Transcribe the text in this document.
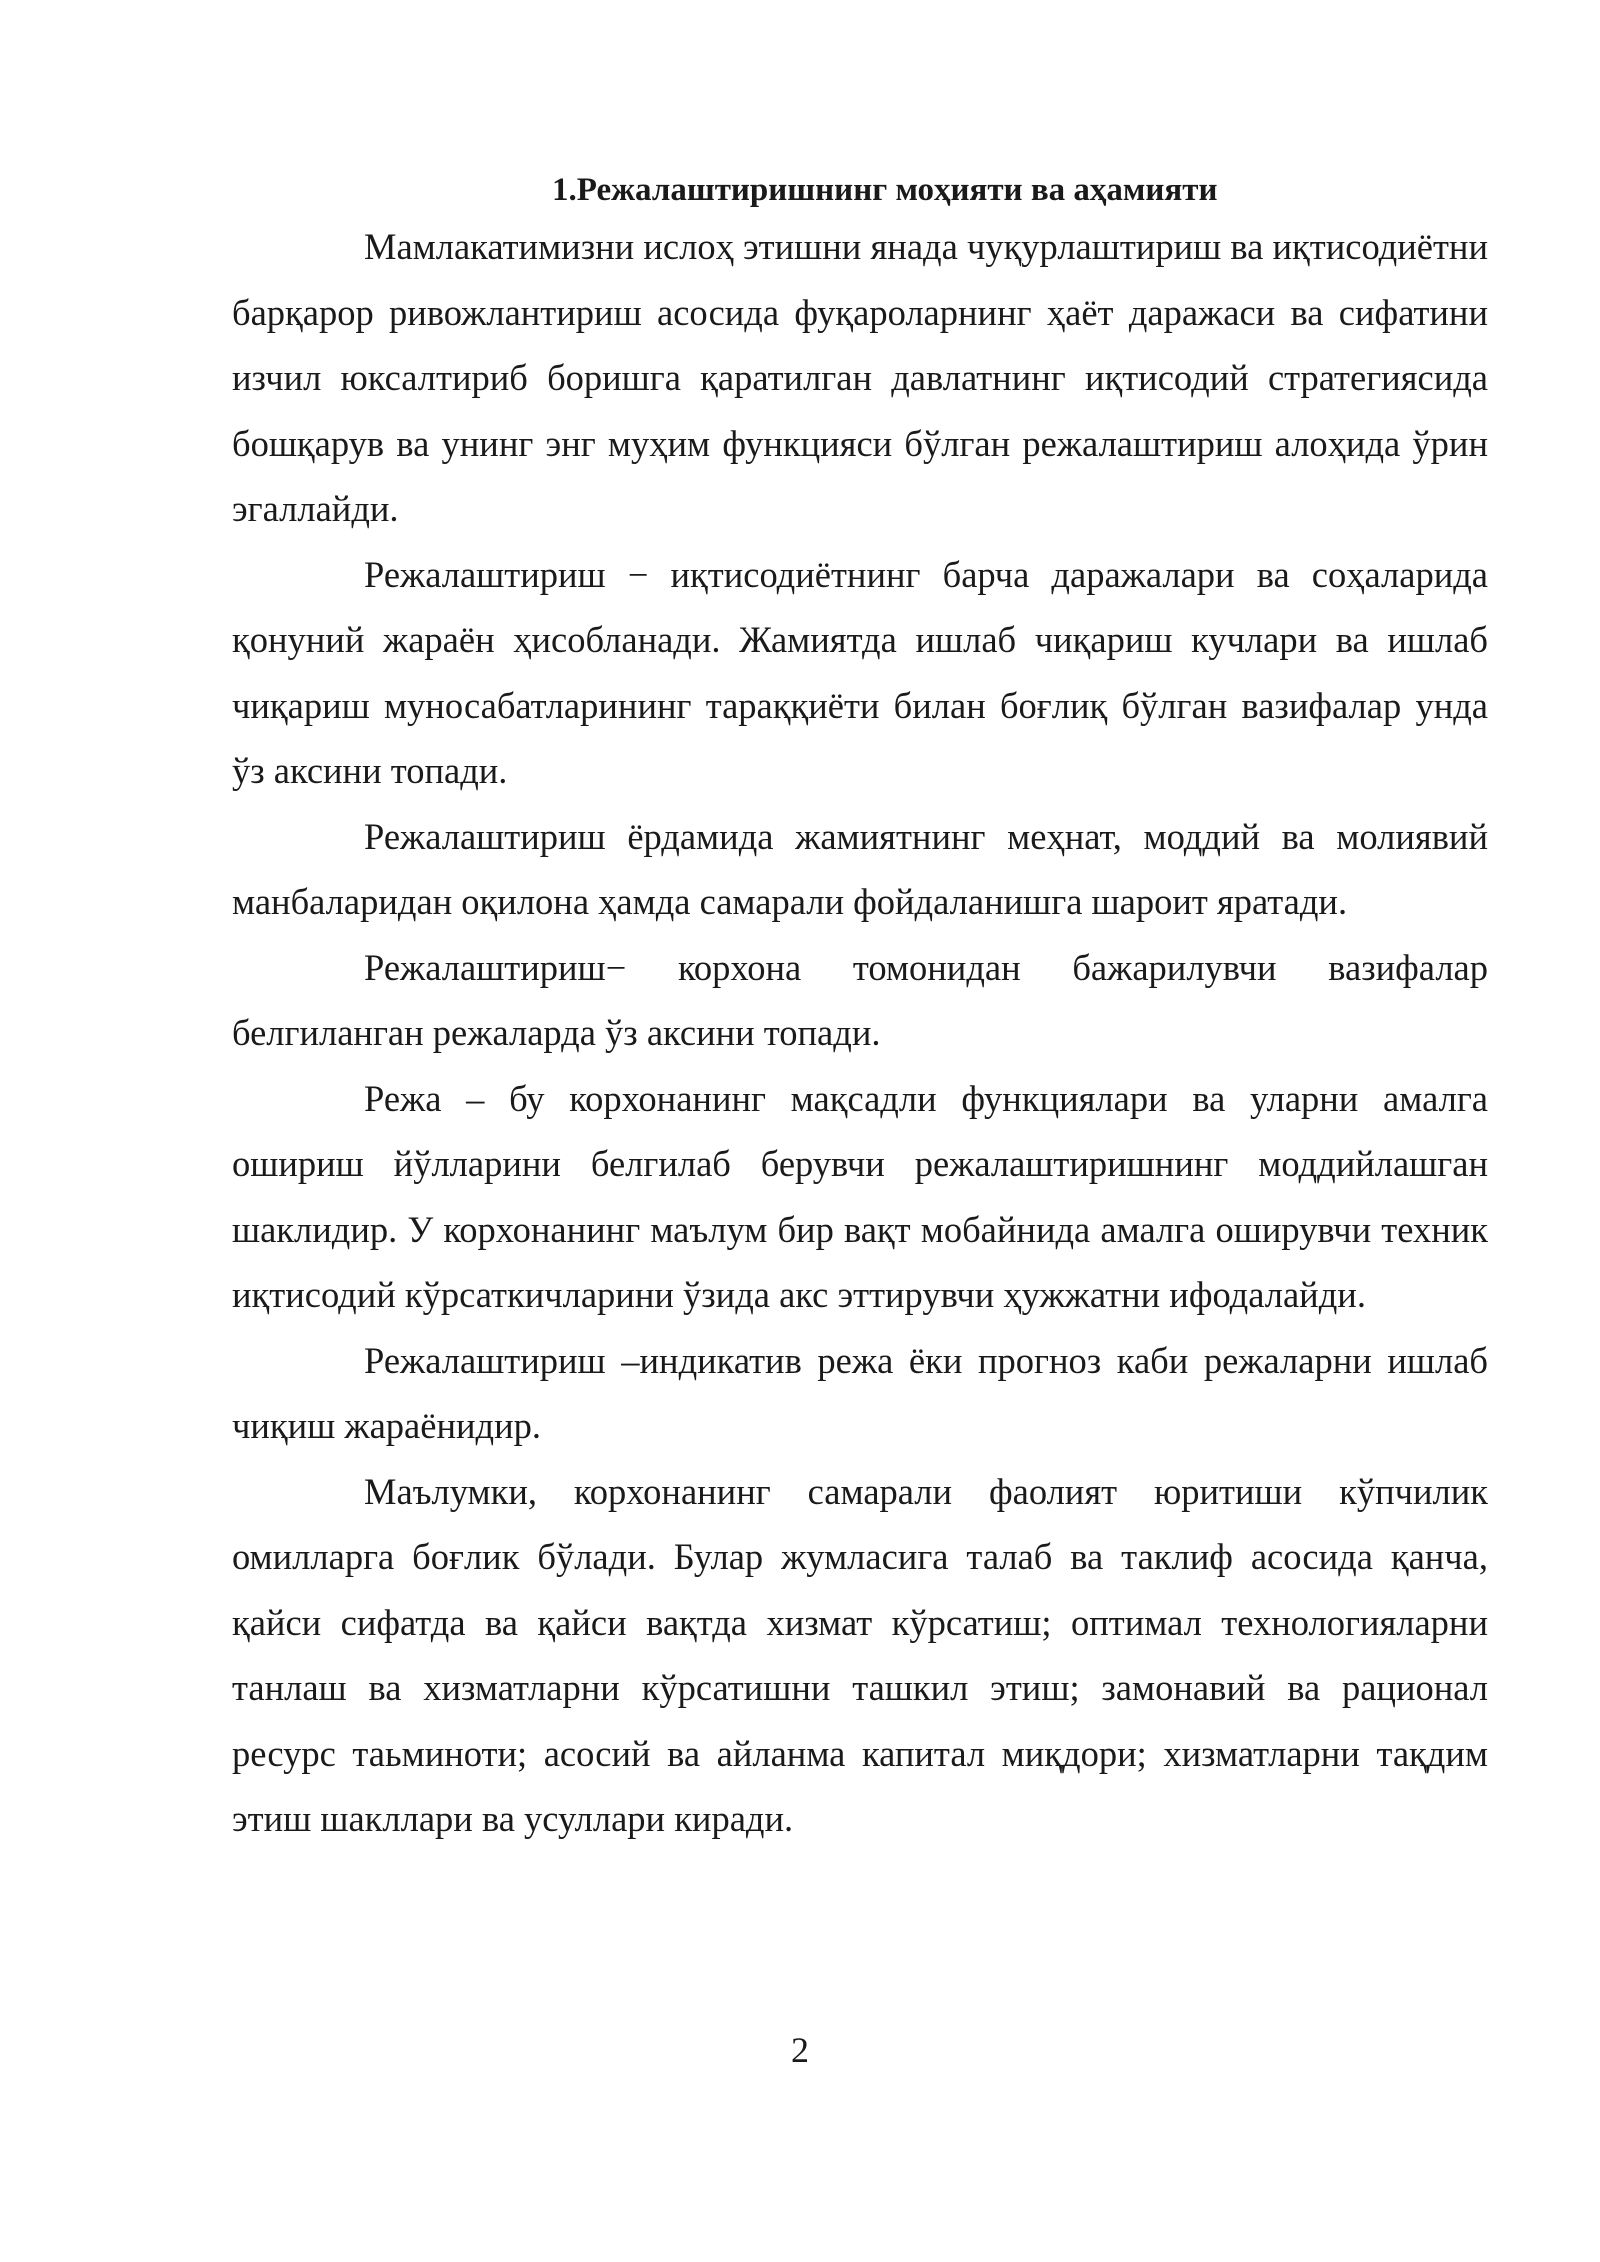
1.Режалаштиришнинг моҳияти ва аҳамияти

Мамлакатимизни ислоҳ этишни янада чуқурлаштириш ва иқтисодиётни барқарор ривожлантириш асосида фуқароларнинг ҳаёт даражаси ва сифатини изчил юксалтириб боришга қаратилган давлатнинг иқтисодий стратегиясида бошқарув ва унинг энг муҳим функцияси бўлган режалаштириш алоҳида ўрин эгаллайди.

Режалаштириш − иқтисодиётнинг барча даражалари ва соҳаларида қонуний жараён ҳисобланади. Жамиятда ишлаб чиқариш кучлари ва ишлаб чиқариш муносабатларининг тараққиёти билан боғлиқ бўлган вазифалар унда ўз аксини топади.

Режалаштириш ёрдамида жамиятнинг меҳнат, моддий ва молиявий манбаларидан оқилона ҳамда самарали фойдаланишга шароит яратади.

Режалаштириш− корхона томонидан бажарилувчи вазифалар белгиланган режаларда ўз аксини топади.

Режа – бу корхонанинг мақсадли функциялари ва уларни амалга ошириш йўлларини белгилаб берувчи режалаштиришнинг моддийлашган шаклидир. У корхонанинг маълум бир вақт мобайнида амалга оширувчи техник иқтисодий кўрсаткичларини ўзида акс эттирувчи ҳужжатни ифодалайди.

Режалаштириш –индикатив режа ёки прогноз каби режаларни ишлаб чиқиш жараёнидир.

Маълумки, корхонанинг самарали фаолият юритиши кўпчилик омилларга боғлик бўлади. Булар жумласига талаб ва таклиф асосида қанча, қайси сифатда ва қайси вақтда хизмат кўрсатиш; оптимал технологияларни танлаш ва хизматларни кўрсатишни ташкил этиш; замонавий ва рационал ресурс таьминоти; асосий ва айланма капитал миқдори; хизматларни тақдим этиш шакллари ва усуллари киради.

2
